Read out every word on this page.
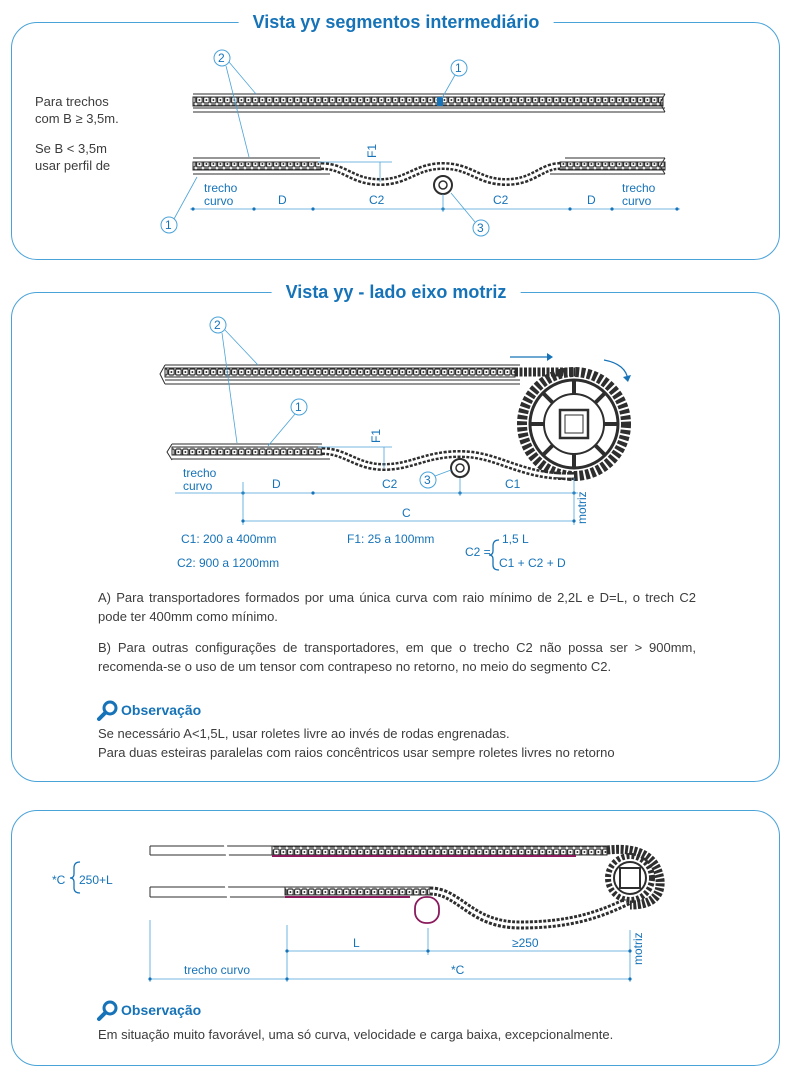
Vista yy segmentos intermediário
Para trechos
com B ≥ 3,5m.
Se B < 3,5m
usar perfil de
F1
trecho
curvo	D	C2	C2	D
trecho
curvo
2
1
1	3
Vista yy - lado eixo motriz
F1
trecho
curvo	D	C2	C1
C	motriz
C1: 200 a 400mm
C2: 900 a 1200mm
F1: 25 a 100mm
C2 =
1,5 L
C1 + C2 + D
2
1
3
A) Para transportadores formados por uma única curva com raio mínimo de 2,2L e D=L, o trech C2 pode ter 400mm como mínimo.
B) Para outras configurações de transportadores, em que o trecho C2 não possa ser > 900mm, recomenda-se o uso de um tensor com contrapeso no retorno, no meio do segmento C2.
Observação
Se necessário A<1,5L, usar roletes livre ao invés de rodas engrenadas.
Para duas esteiras paralelas com raios concêntricos usar sempre roletes livres no retorno
*C 250+L
L	≥250
trecho curvo	*C
motriz
Observação
Em situação muito favorável, uma só curva, velocidade e carga baixa, excepcionalmente.
